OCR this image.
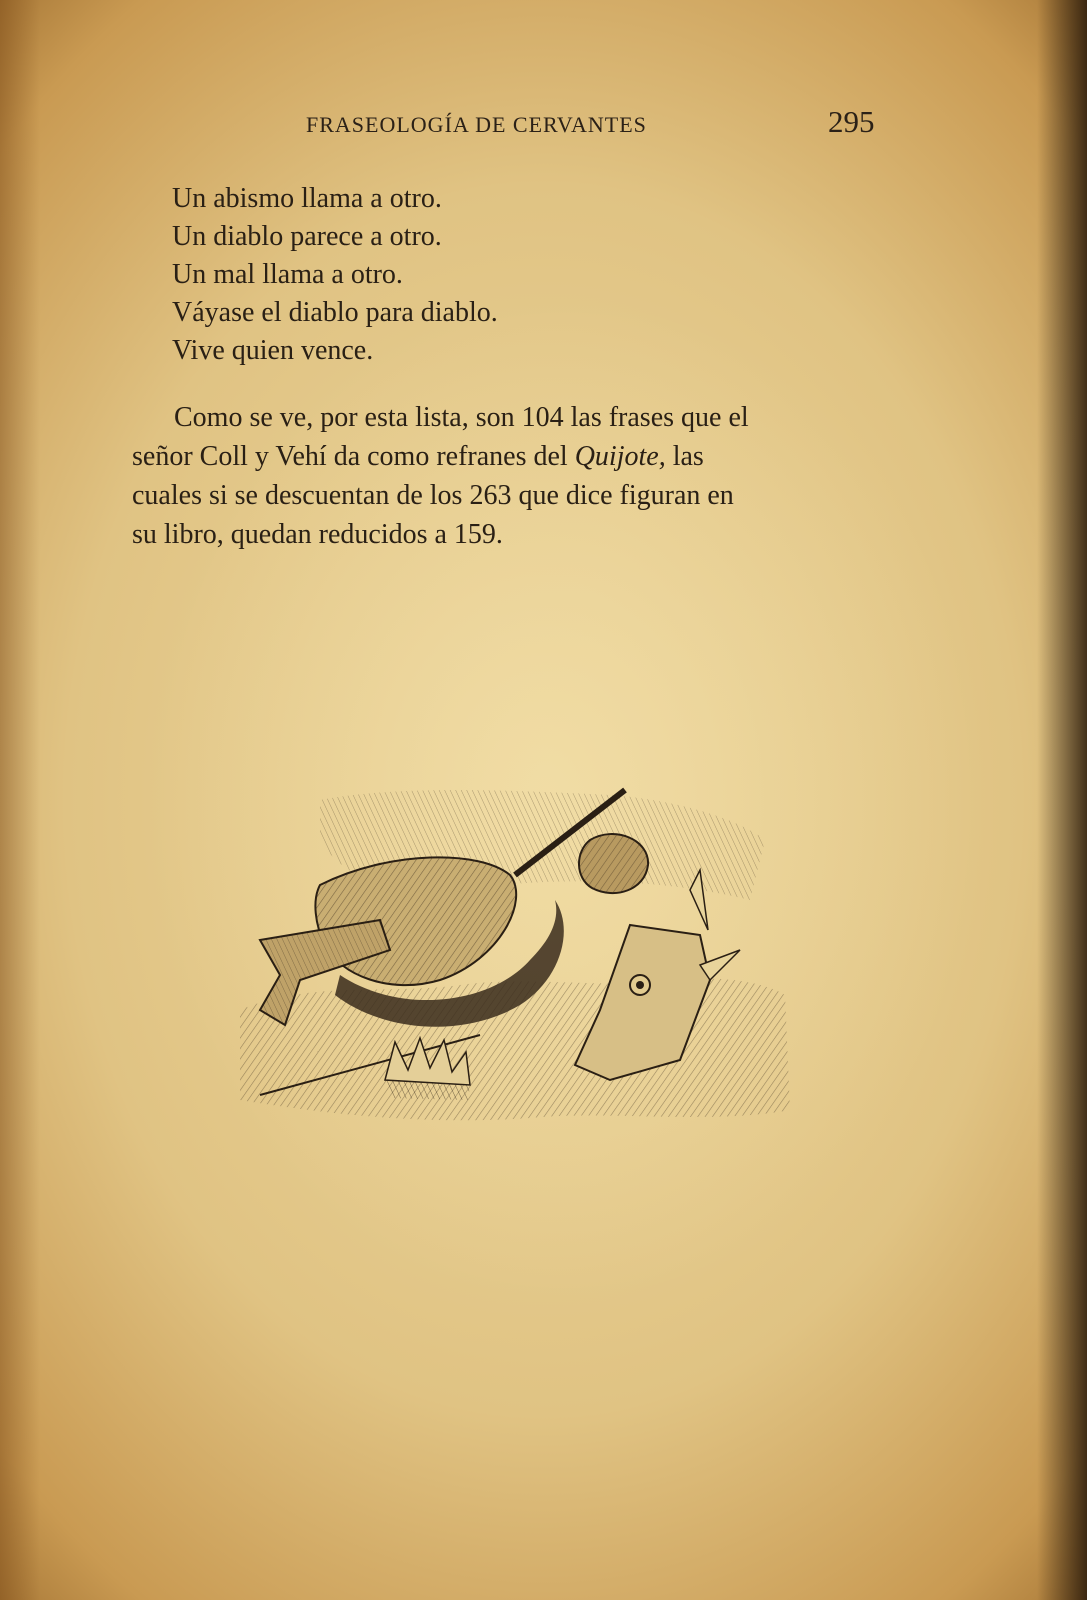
FRASEOLOGÍA DE CERVANTES	295
Un abismo llama a otro.
Un diablo parece a otro.
Un mal llama a otro.
Váyase el diablo para diablo.
Vive quien vence.
Como se ve, por esta lista, son 104 las frases que el
señor Coll y Vehí da como refranes del Quijote, las
cuales si se descuentan de los 263 que dice figuran en
su libro, quedan reducidos a 159.
